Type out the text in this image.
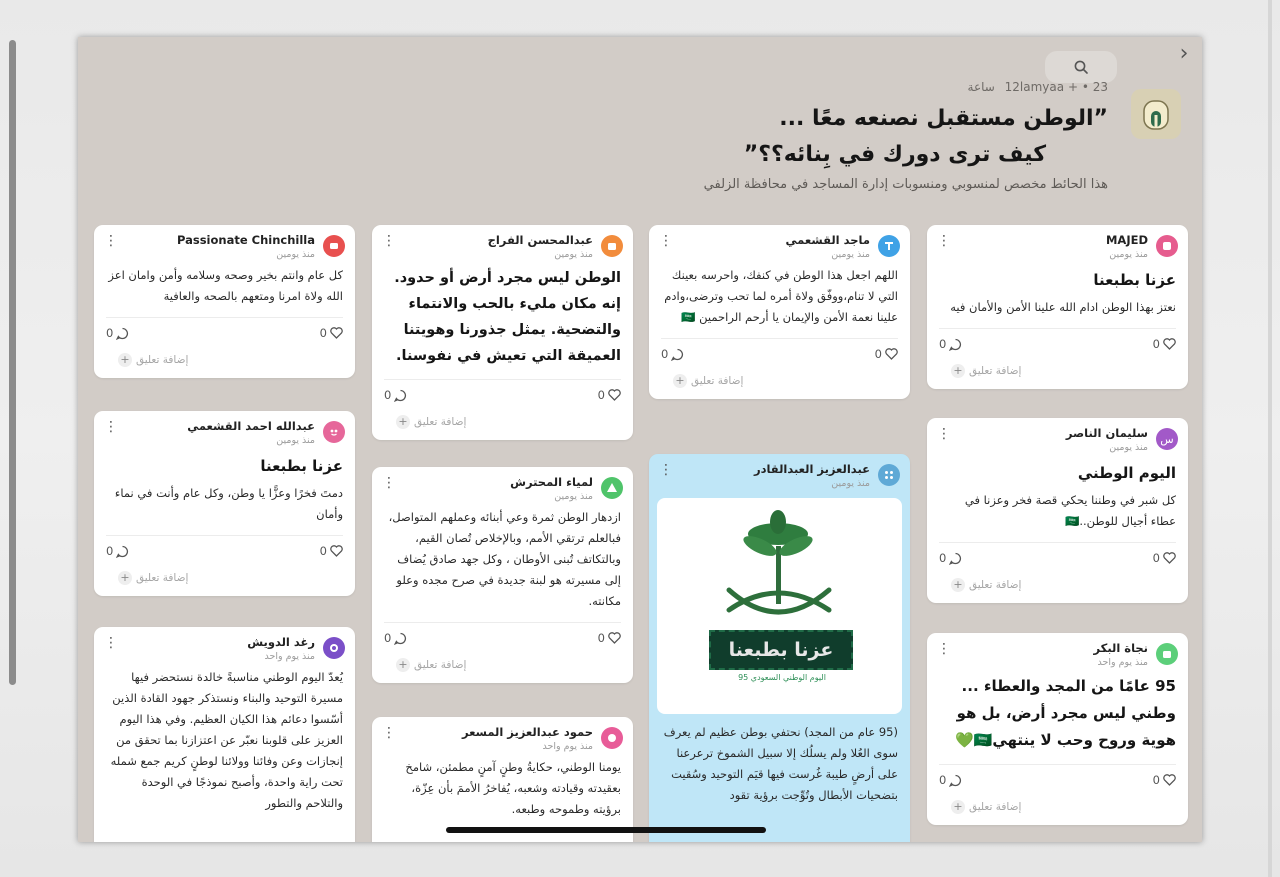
›
12lamyaa + • 23 ساعة
”الوطن مستقبل نصنعه معًا ...
كيف ترى دورك في بِنائه؟؟”
هذا الحائط مخصص لمنسوبي ومنسوبات إدارة المساجد في محافظة الزلفي
MAJED
منذ يومين
⋮
عزنا بطبعنا
نعتز بهذا الوطن ادام الله علينا الأمن والأمان فيه
0
0
إضافة تعليق
+
س
سليمان الناصر
منذ يومين
⋮
اليوم الوطني
كل شبر في وطننا يحكي قصة فخر وعزنا في عطاء أجيال للوطن..🇸🇦
0
0
إضافة تعليق
+
نجاة البكر
منذ يوم واحد
⋮
95 عامًا من المجد والعطاء ... وطني ليس مجرد أرض، بل هو هوية وروح وحب لا ينتهي🇸🇦💚
0
0
إضافة تعليق
+
ماجد القشعمي
منذ يومين
⋮
اللهم اجعل هذا الوطن في كنفك، واحرسه بعينك التي لا تنام،ووفّق ولاة أمره لما تحب وترضى،وادم علينا نعمة الأمن والإيمان يا أرحم الراحمين 🇸🇦
0
0
إضافة تعليق
+
عبدالعزيز العبدالقادر
منذ يومين
⋮
عزنا بطبعنا
اليوم الوطني السعودي 95
(95 عام من المجد) نحتفي بوطن عظيم لم يعرف سوى العُلا ولم يسلُك إلا سبيل الشموخ ترعرعنا على أرضٍ طيبة غُرست فيها قيَم التوحيد وسُقيت بتضحيات الأبطال وتُوِّجت برؤية تقود
عبدالمحسن الفراج
منذ يومين
⋮
الوطن ليس مجرد أرض أو حدود. إنه مكان مليء بالحب والانتماء والتضحية. يمثل جذورنا وهويتنا العميقة التي تعيش في نفوسنا.
0
0
إضافة تعليق
+
لمياء المحترش
منذ يومين
⋮
ازدهار الوطن ثمرة وعي أبنائه وعملهم المتواصل، فبالعلم ترتقي الأمم، وبالإخلاص تُصان القيم، وبالتكاتف تُبنى الأوطان ، وكل جهد صادق يُضاف إلى مسيرته هو لبنة جديدة في صرح مجده وعلو مكانته.
0
0
إضافة تعليق
+
حمود عبدالعزيز المسعر
منذ يوم واحد
⋮
يومنا الوطني، حكايةُ وطنٍ آمنٍ مطمئن، شامخ بعقيدته وقيادته وشعبه، يُفاخرُ الأممَ بأن عِزّة، برؤيته وطموحه وطبعه.
Passionate Chinchilla
منذ يومين
⋮
كل عام وانتم بخير وصحه وسلامه وأمن وامان اعز الله ولاة امرنا ومتعهم بالصحه والعافية
0
0
إضافة تعليق
+
عبدالله احمد القشعمي
منذ يومين
⋮
عزنا بطبعنا
دمتَ فخرًا وعزًّا يا وطن، وكل عام وأنت في نماء وأمان
0
0
إضافة تعليق
+
رغد الدويش
منذ يوم واحد
⋮
يُعدّ اليوم الوطني مناسبةً خالدة نستحضر فيها مسيرة التوحيد والبناء ونستذكر جهود القادة الذين أسّسوا دعائم هذا الكيان العظيم. وفي هذا اليوم العزيز على قلوبنا نعبّر عن اعتزازنا بما تحقق من إنجازات وعن وفائنا وولائنا لوطنٍ كريم جمع شمله تحت راية واحدة، وأصبح نموذجًا في الوحدة والتلاحم والتطور
